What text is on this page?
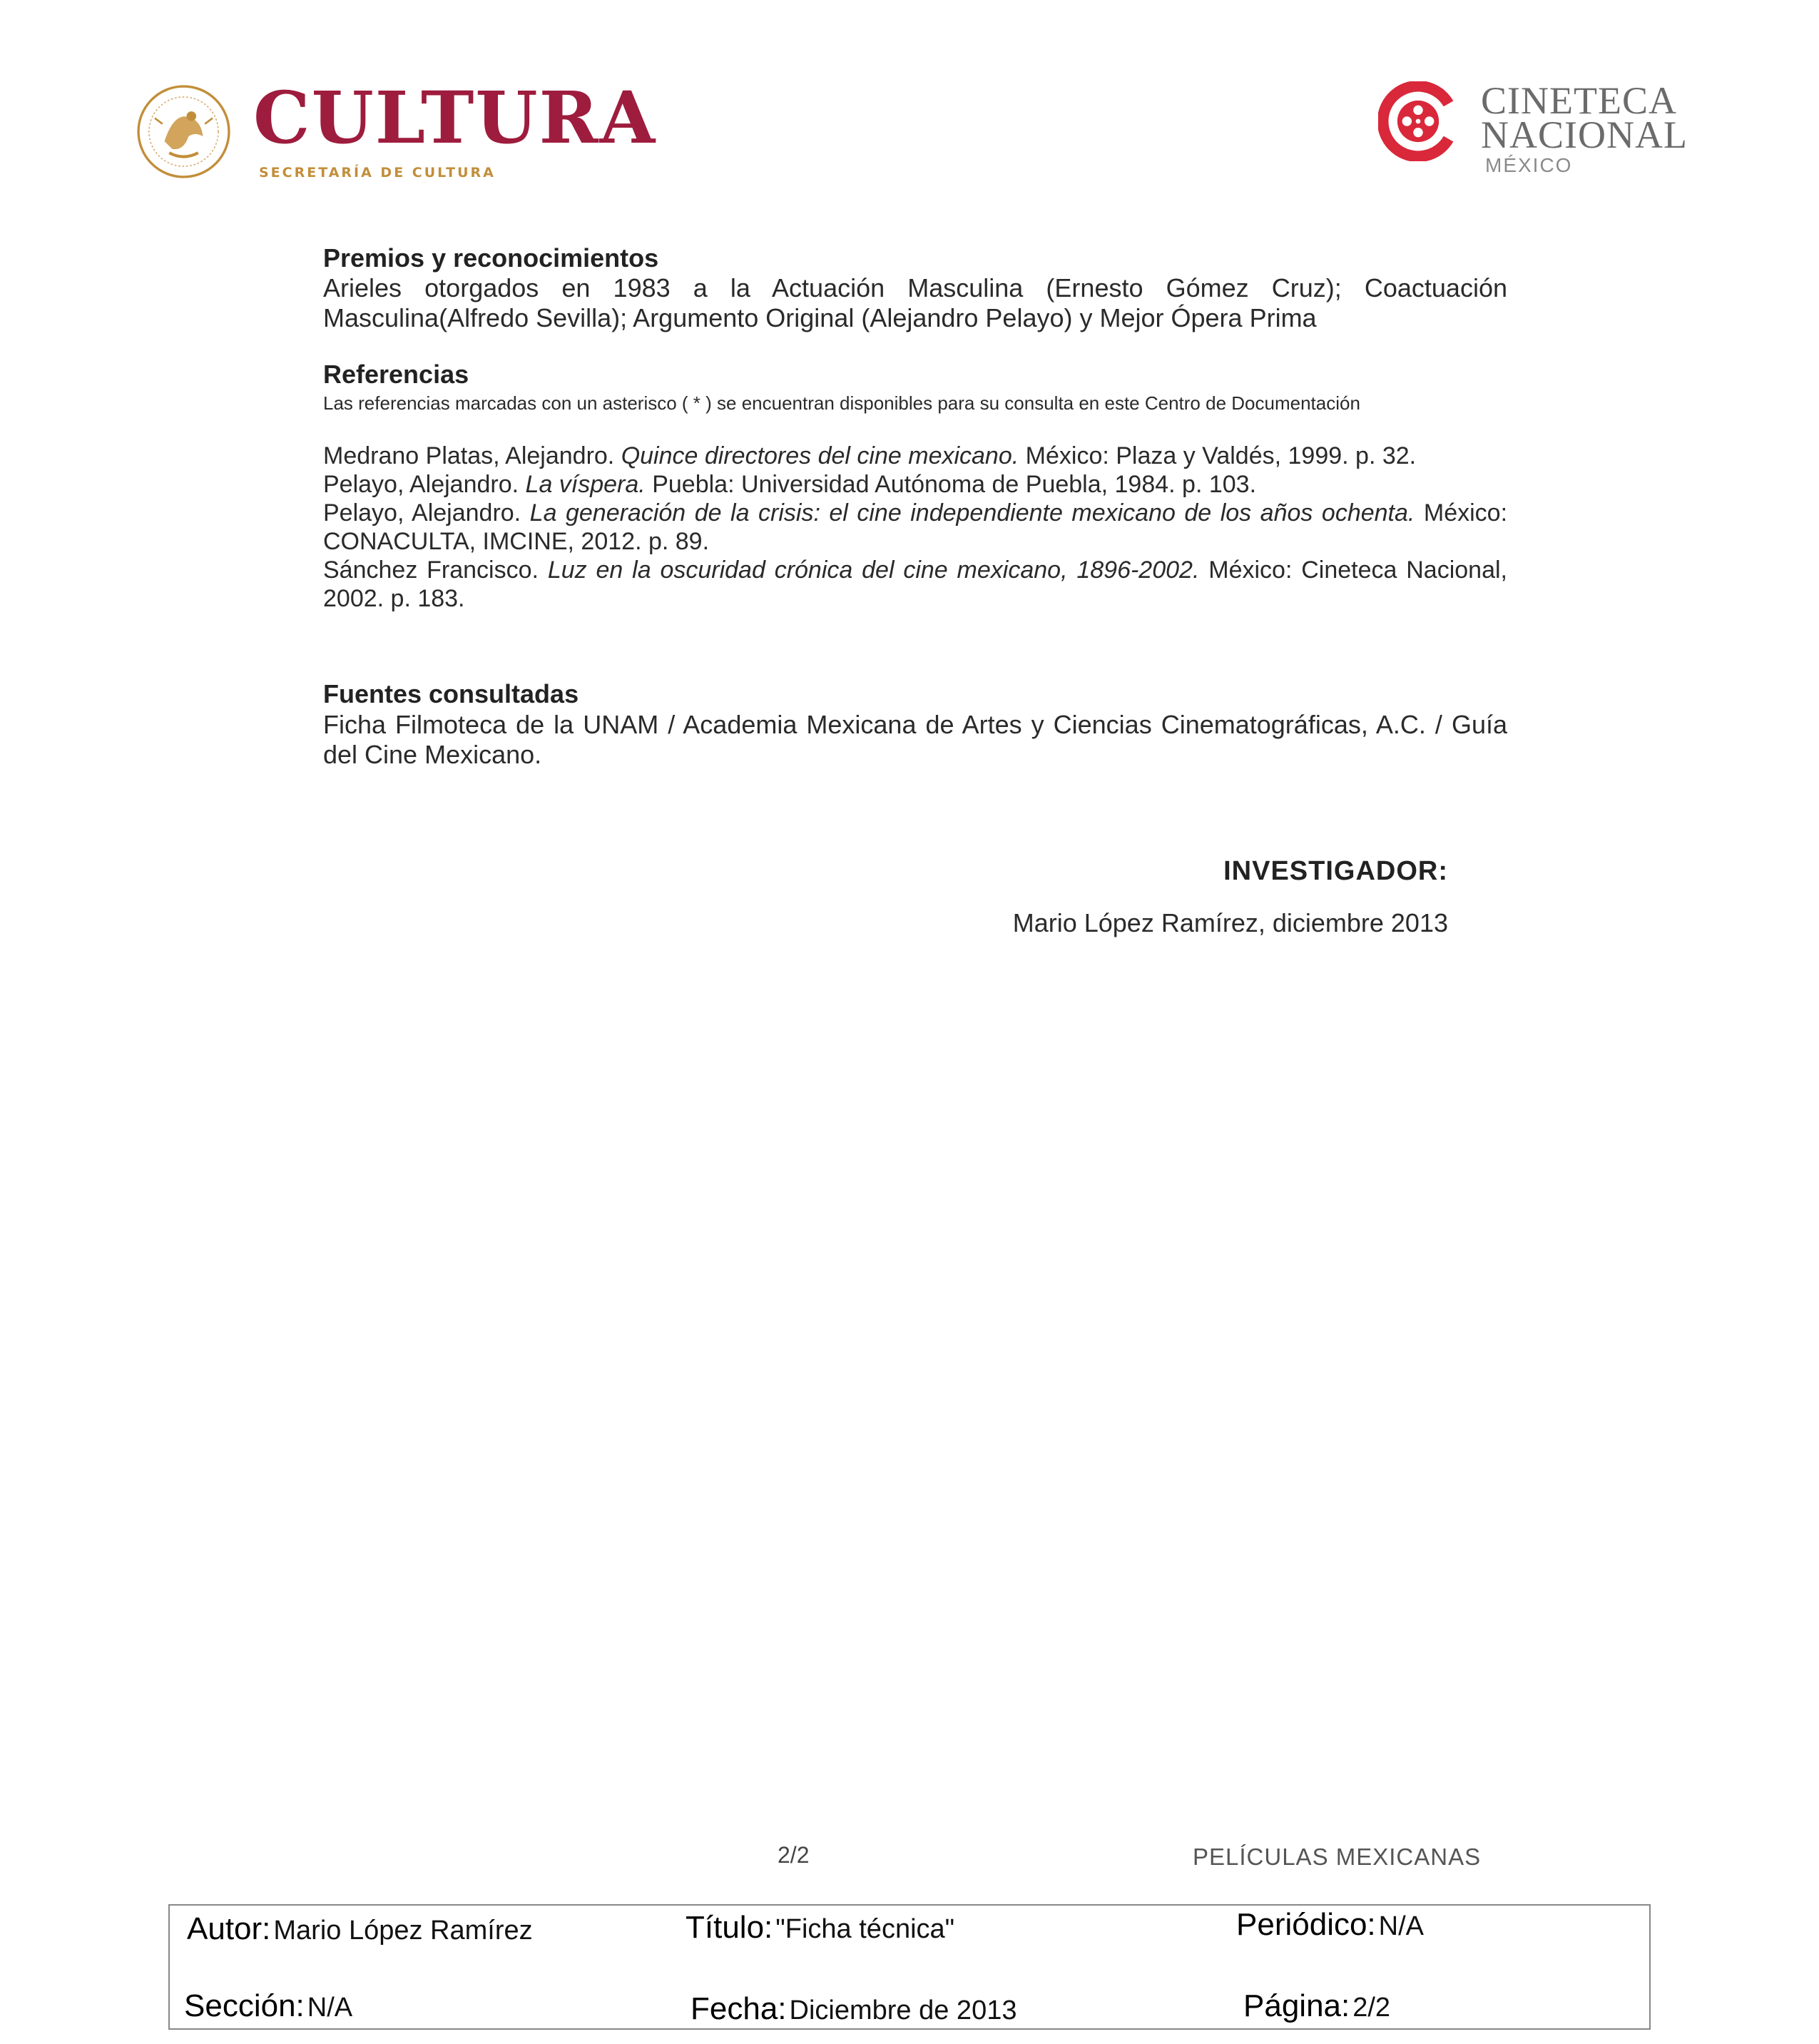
CULTURA
SECRETARÍA DE CULTURA
CINETECA
NACIONAL
MÉXICO
Premios y reconocimientos

Arieles otorgados en 1983 a la Actuación Masculina (Ernesto Gómez Cruz); Coactuación Masculina(Alfredo Sevilla); Argumento Original (Alejandro Pelayo) y Mejor Ópera Prima

Referencias

Las referencias marcadas con un asterisco ( * ) se encuentran disponibles para su consulta en este Centro de Documentación

Medrano Platas, Alejandro. Quince directores del cine mexicano. México: Plaza y Valdés, 1999. p. 32.

Pelayo, Alejandro. La víspera. Puebla: Universidad Autónoma de Puebla, 1984. p. 103.

Pelayo, Alejandro. La generación de la crisis: el cine independiente mexicano de los años ochenta. México: CONACULTA, IMCINE, 2012. p. 89.

Sánchez Francisco. Luz en la oscuridad crónica del cine mexicano, 1896-2002. México: Cineteca Nacional, 2002. p. 183.

Fuentes consultadas

Ficha Filmoteca de la UNAM / Academia Mexicana de Artes y Ciencias Cinematográficas, A.C. / Guía del Cine Mexicano.

INVESTIGADOR:
Mario López Ramírez, diciembre 2013
2/2	PELÍCULAS MEXICANAS
Autor: Mario López Ramírez	Título: "Ficha técnica"	Periódico: N/A
Sección: N/A	Fecha: Diciembre de 2013	Página: 2/2
